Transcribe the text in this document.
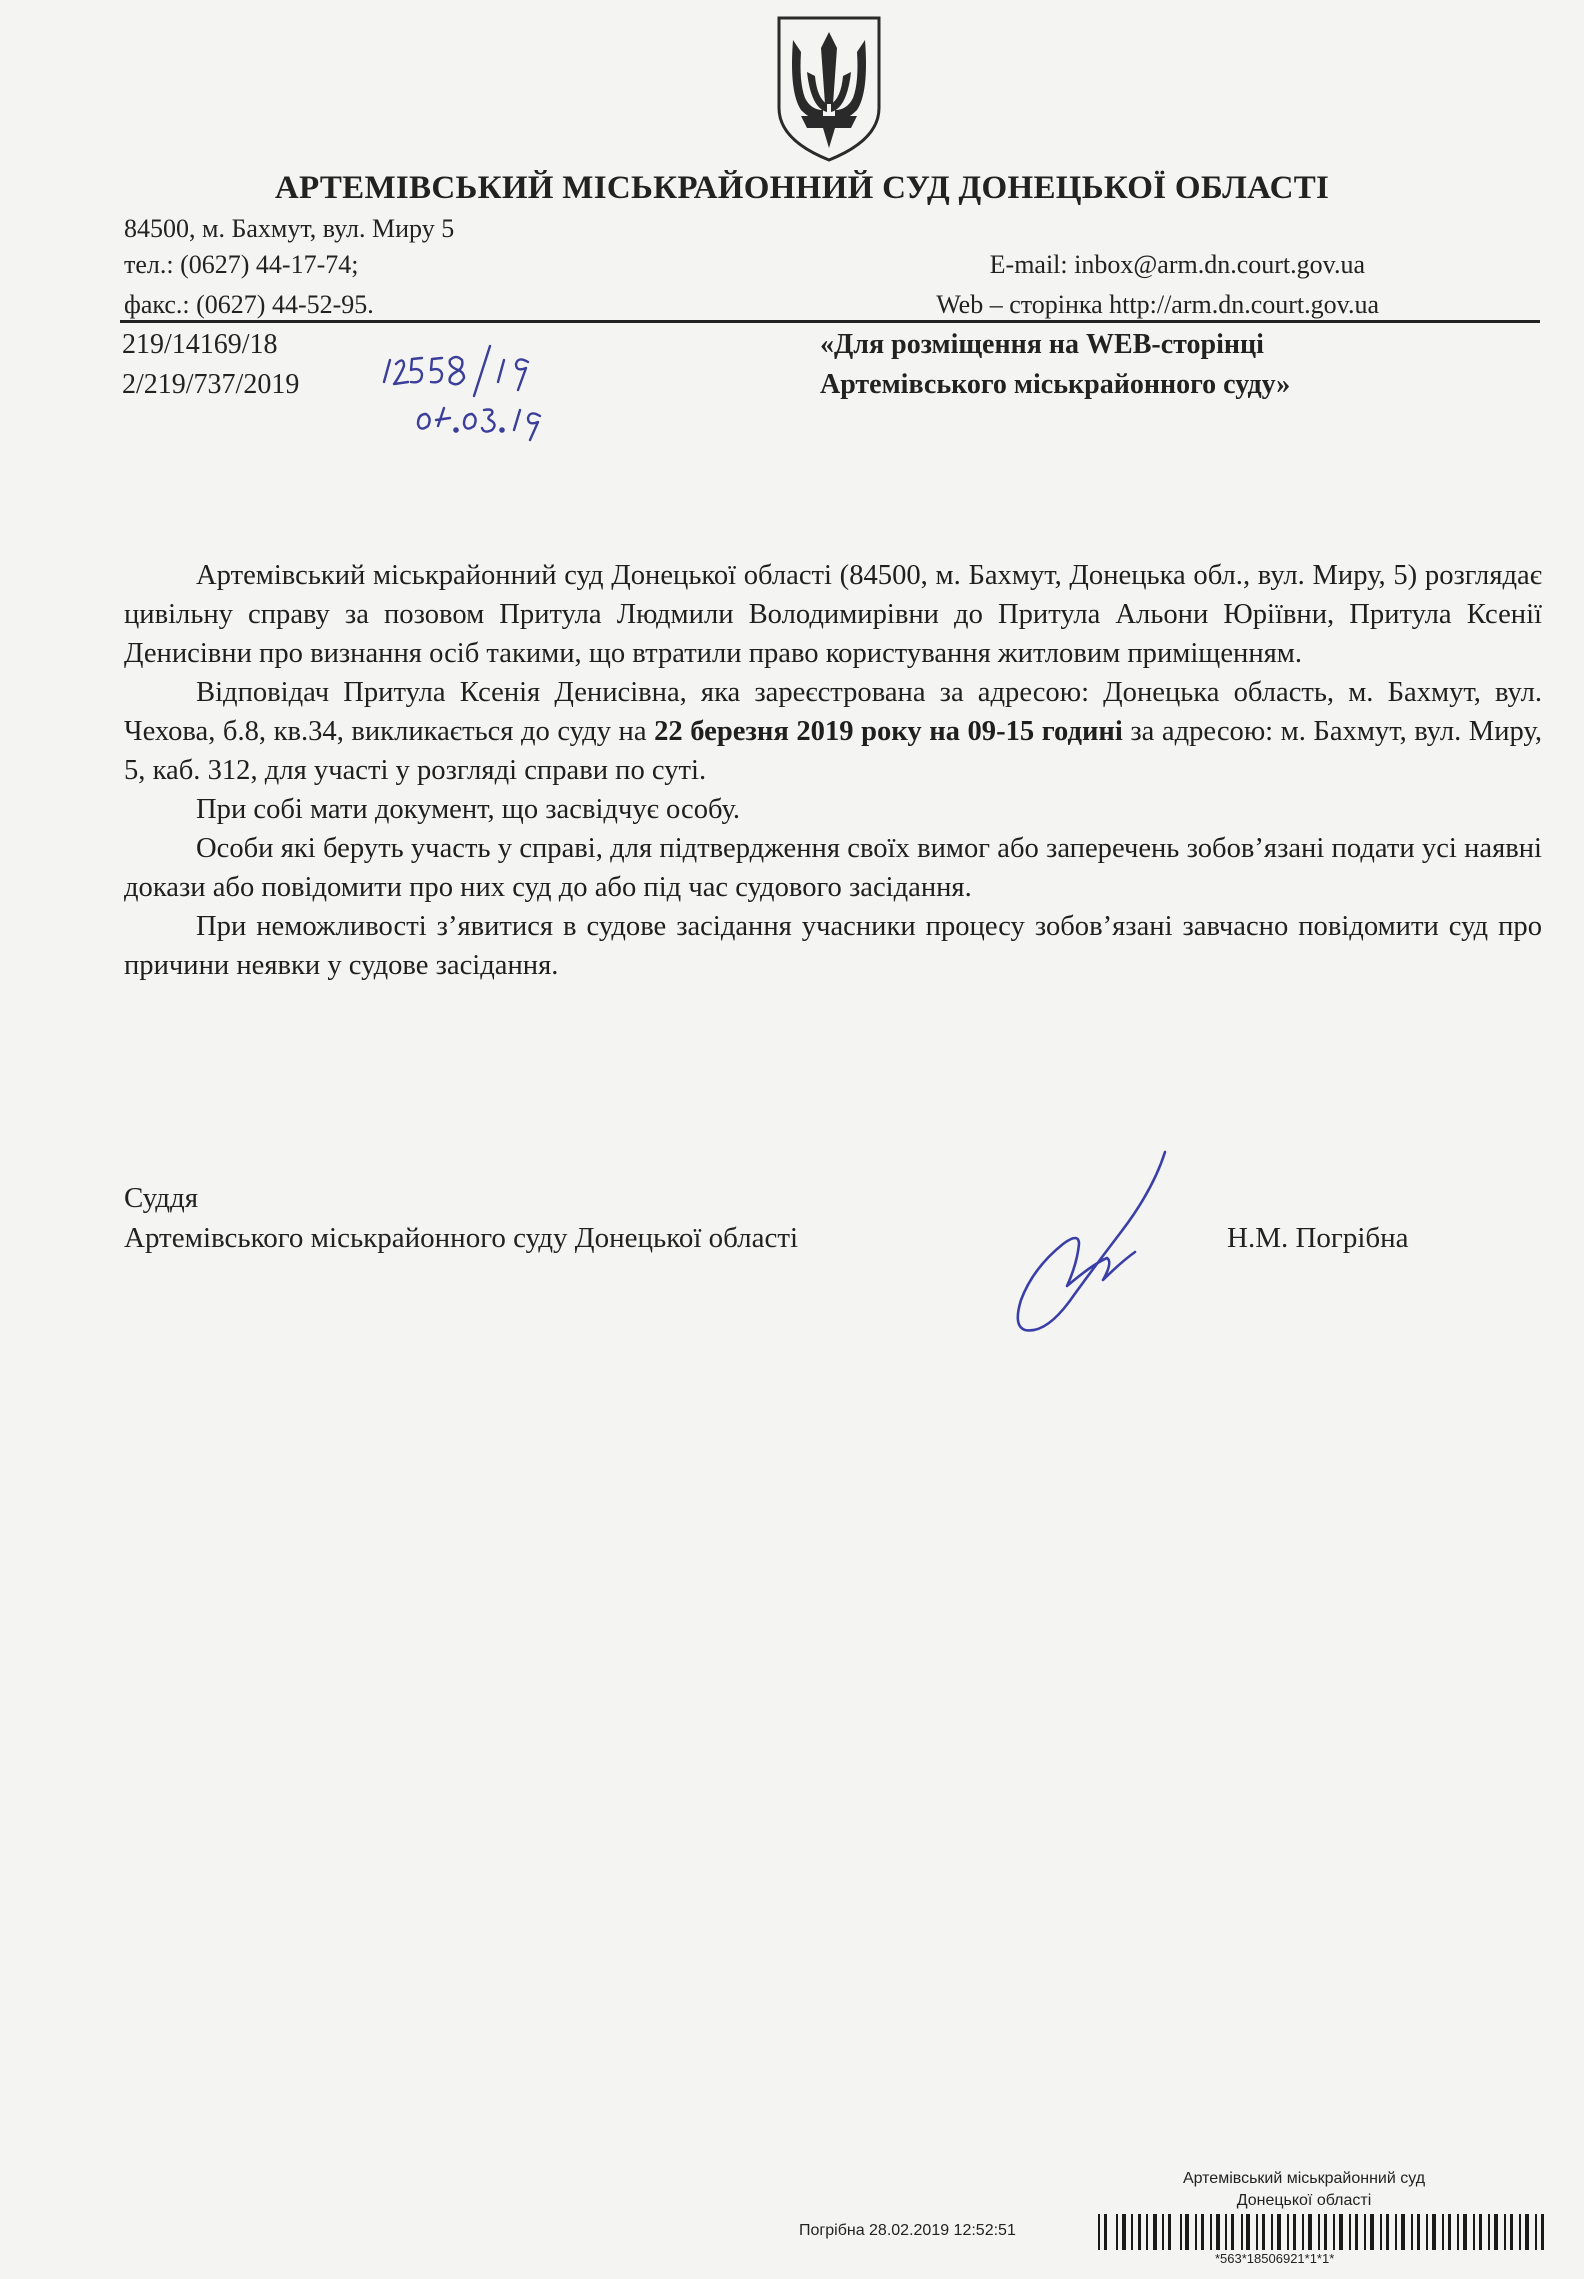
АРТЕМІВСЬКИЙ МІСЬКРАЙОННИЙ СУД ДОНЕЦЬКОЇ ОБЛАСТІ
84500, м. Бахмут, вул. Миру 5
тел.: (0627) 44-17-74;	E-mail: inbox@arm.dn.court.gov.ua
факс.: (0627) 44-52-95.	Web – сторінка http://arm.dn.court.gov.ua
219/14169/18
2/219/737/2019
«Для розміщення на WEB-сторінці
Артемівського міськрайонного суду»

Артемівський міськрайонний суд Донецької області (84500, м. Бахмут, Донецька обл., вул. Миру, 5) розглядає цивільну справу за позовом Притула Людмили Володимирівни до Притула Альони Юріївни, Притула Ксенії Денисівни про визнання осіб такими, що втратили право користування житловим приміщенням.

Відповідач Притула Ксенія Денисівна, яка зареєстрована за адресою: Донецька область, м. Бахмут, вул. Чехова, б.8, кв.34, викликається до суду на 22 березня 2019 року на 09-15 годині за адресою: м. Бахмут, вул. Миру, 5, каб. 312, для участі у розгляді справи по суті.

При собі мати документ, що засвідчує особу.

Особи які беруть участь у справі, для підтвердження своїх вимог або заперечень зобов’язані подати усі наявні докази або повідомити про них суд до або під час судового засідання.

При неможливості з’явитися в судове засідання учасники процесу зобов’язані завчасно повідомити суд про причини неявки у судове засідання.

Суддя
Артемівського міськрайонного суду Донецької області	Н.М. Погрібна
Артемівський міськрайонний суд
Донецької області
Погрібна 28.02.2019 12:52:51
*563*18506921*1*1*
